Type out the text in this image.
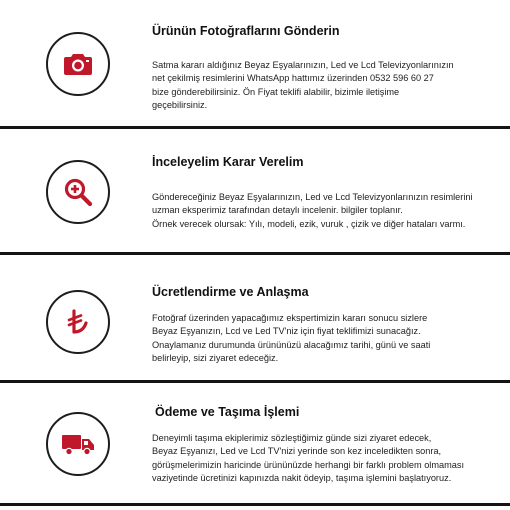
Ürünün Fotoğraflarını Gönderin
Satma kararı aldığınız Beyaz Eşyalarınızın, Led ve Lcd Televizyonlarınızın
net çekilmiş resimlerini WhatsApp hattımız üzerinden 0532 596 60 27
bize gönderebilirsiniz. Ön Fiyat teklifi alabilir, bizimle iletişime
geçebilirsiniz.
İnceleyelim Karar Verelim
Göndereceğiniz Beyaz Eşyalarınızın, Led ve Lcd Televizyonlarınızın resimlerini
uzman eksperimiz tarafından detaylı incelenir. bilgiler toplanır.
Örnek verecek olursak: Yılı, modeli, ezik, vuruk , çizik ve diğer hataları varmı.
Ücretlendirme ve Anlaşma
Fotoğraf üzerinden yapacağımız ekspertimizin kararı sonucu sizlere
Beyaz Eşyanızın, Lcd ve Led TV'niz için fiyat teklifimizi sunacağız.
Onaylamanız durumunda ürününüzü alacağımız tarihi, günü ve saati
belirleyip, sizi ziyaret edeceğiz.
Ödeme ve Taşıma İşlemi
Deneyimli taşıma ekiplerimiz sözleştiğimiz günde sizi ziyaret edecek,
Beyaz Eşyanızı, Led ve Lcd TV'nizi yerinde son kez inceledikten sonra,
görüşmelerimizin haricinde ürününüzde herhangi bir farklı problem olmaması
vaziyetinde ücretinizi kapınızda nakit ödeyip, taşıma işlemini başlatıyoruz.
